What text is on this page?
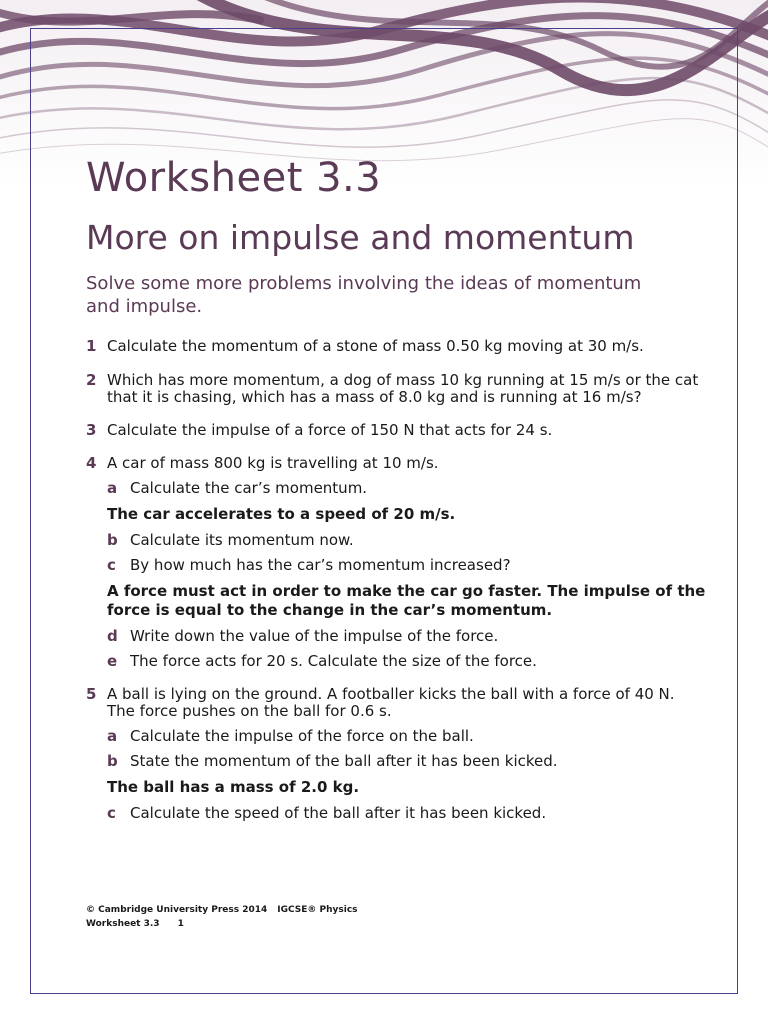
Worksheet 3.3
More on impulse and momentum
Solve some more problems involving the ideas of momentum and impulse.
1 Calculate the momentum of a stone of mass 0.50 kg moving at 30 m/s.
2 Which has more momentum, a dog of mass 10 kg running at 15 m/s or the cat that it is chasing, which has a mass of 8.0 kg and is running at 16 m/s?
3 Calculate the impulse of a force of 150 N that acts for 24 s.
4 A car of mass 800 kg is travelling at 10 m/s.
a Calculate the car’s momentum.
The car accelerates to a speed of 20 m/s.
b Calculate its momentum now.
c By how much has the car’s momentum increased?
A force must act in order to make the car go faster. The impulse of the force is equal to the change in the car’s momentum.
d Write down the value of the impulse of the force.
e The force acts for 20 s. Calculate the size of the force.
5 A ball is lying on the ground. A footballer kicks the ball with a force of 40 N. The force pushes on the ball for 0.6 s.
a Calculate the impulse of the force on the ball.
b State the momentum of the ball after it has been kicked.
The ball has a mass of 2.0 kg.
c Calculate the speed of the ball after it has been kicked.
© Cambridge University Press 2014 IGCSE® Physics
Worksheet 3.3 1
